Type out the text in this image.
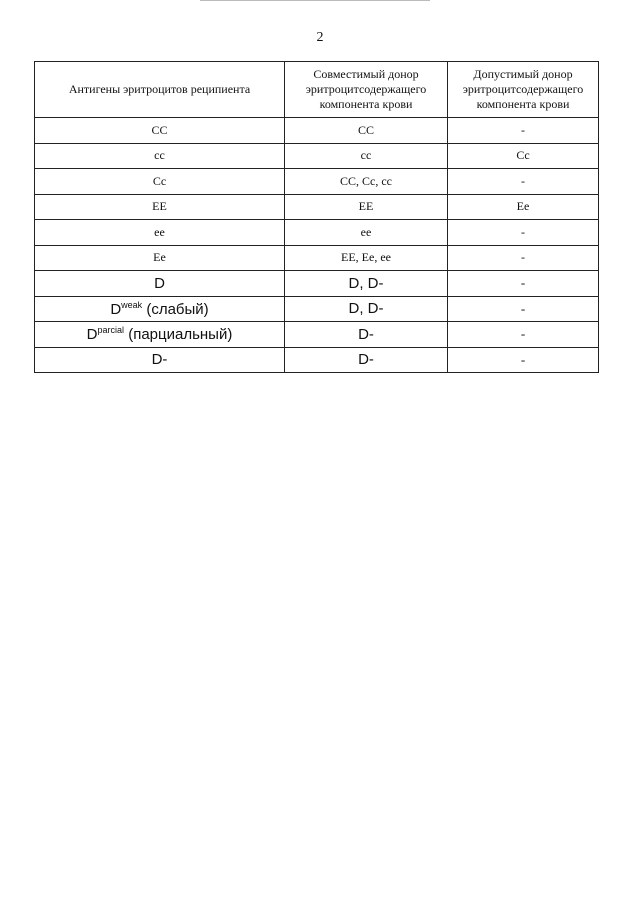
2
Антигены эритроцитов реципиента	Совместимый донор эритроцитсодержащего компонента крови	Допустимый донор эритроцитсодержащего компонента крови
CC	CC	-
cc	cc	Cc
Cc	CC, Cc, cc	-
EE	EE	Ee
ee	ee	-
Ee	EE, Ee, ee	-
D	D, D-	-
$D^{weak}$ (слабый)	D, D-	-
$D^{parcial}$ (парциальный)	D-	-
D-	D-	-
